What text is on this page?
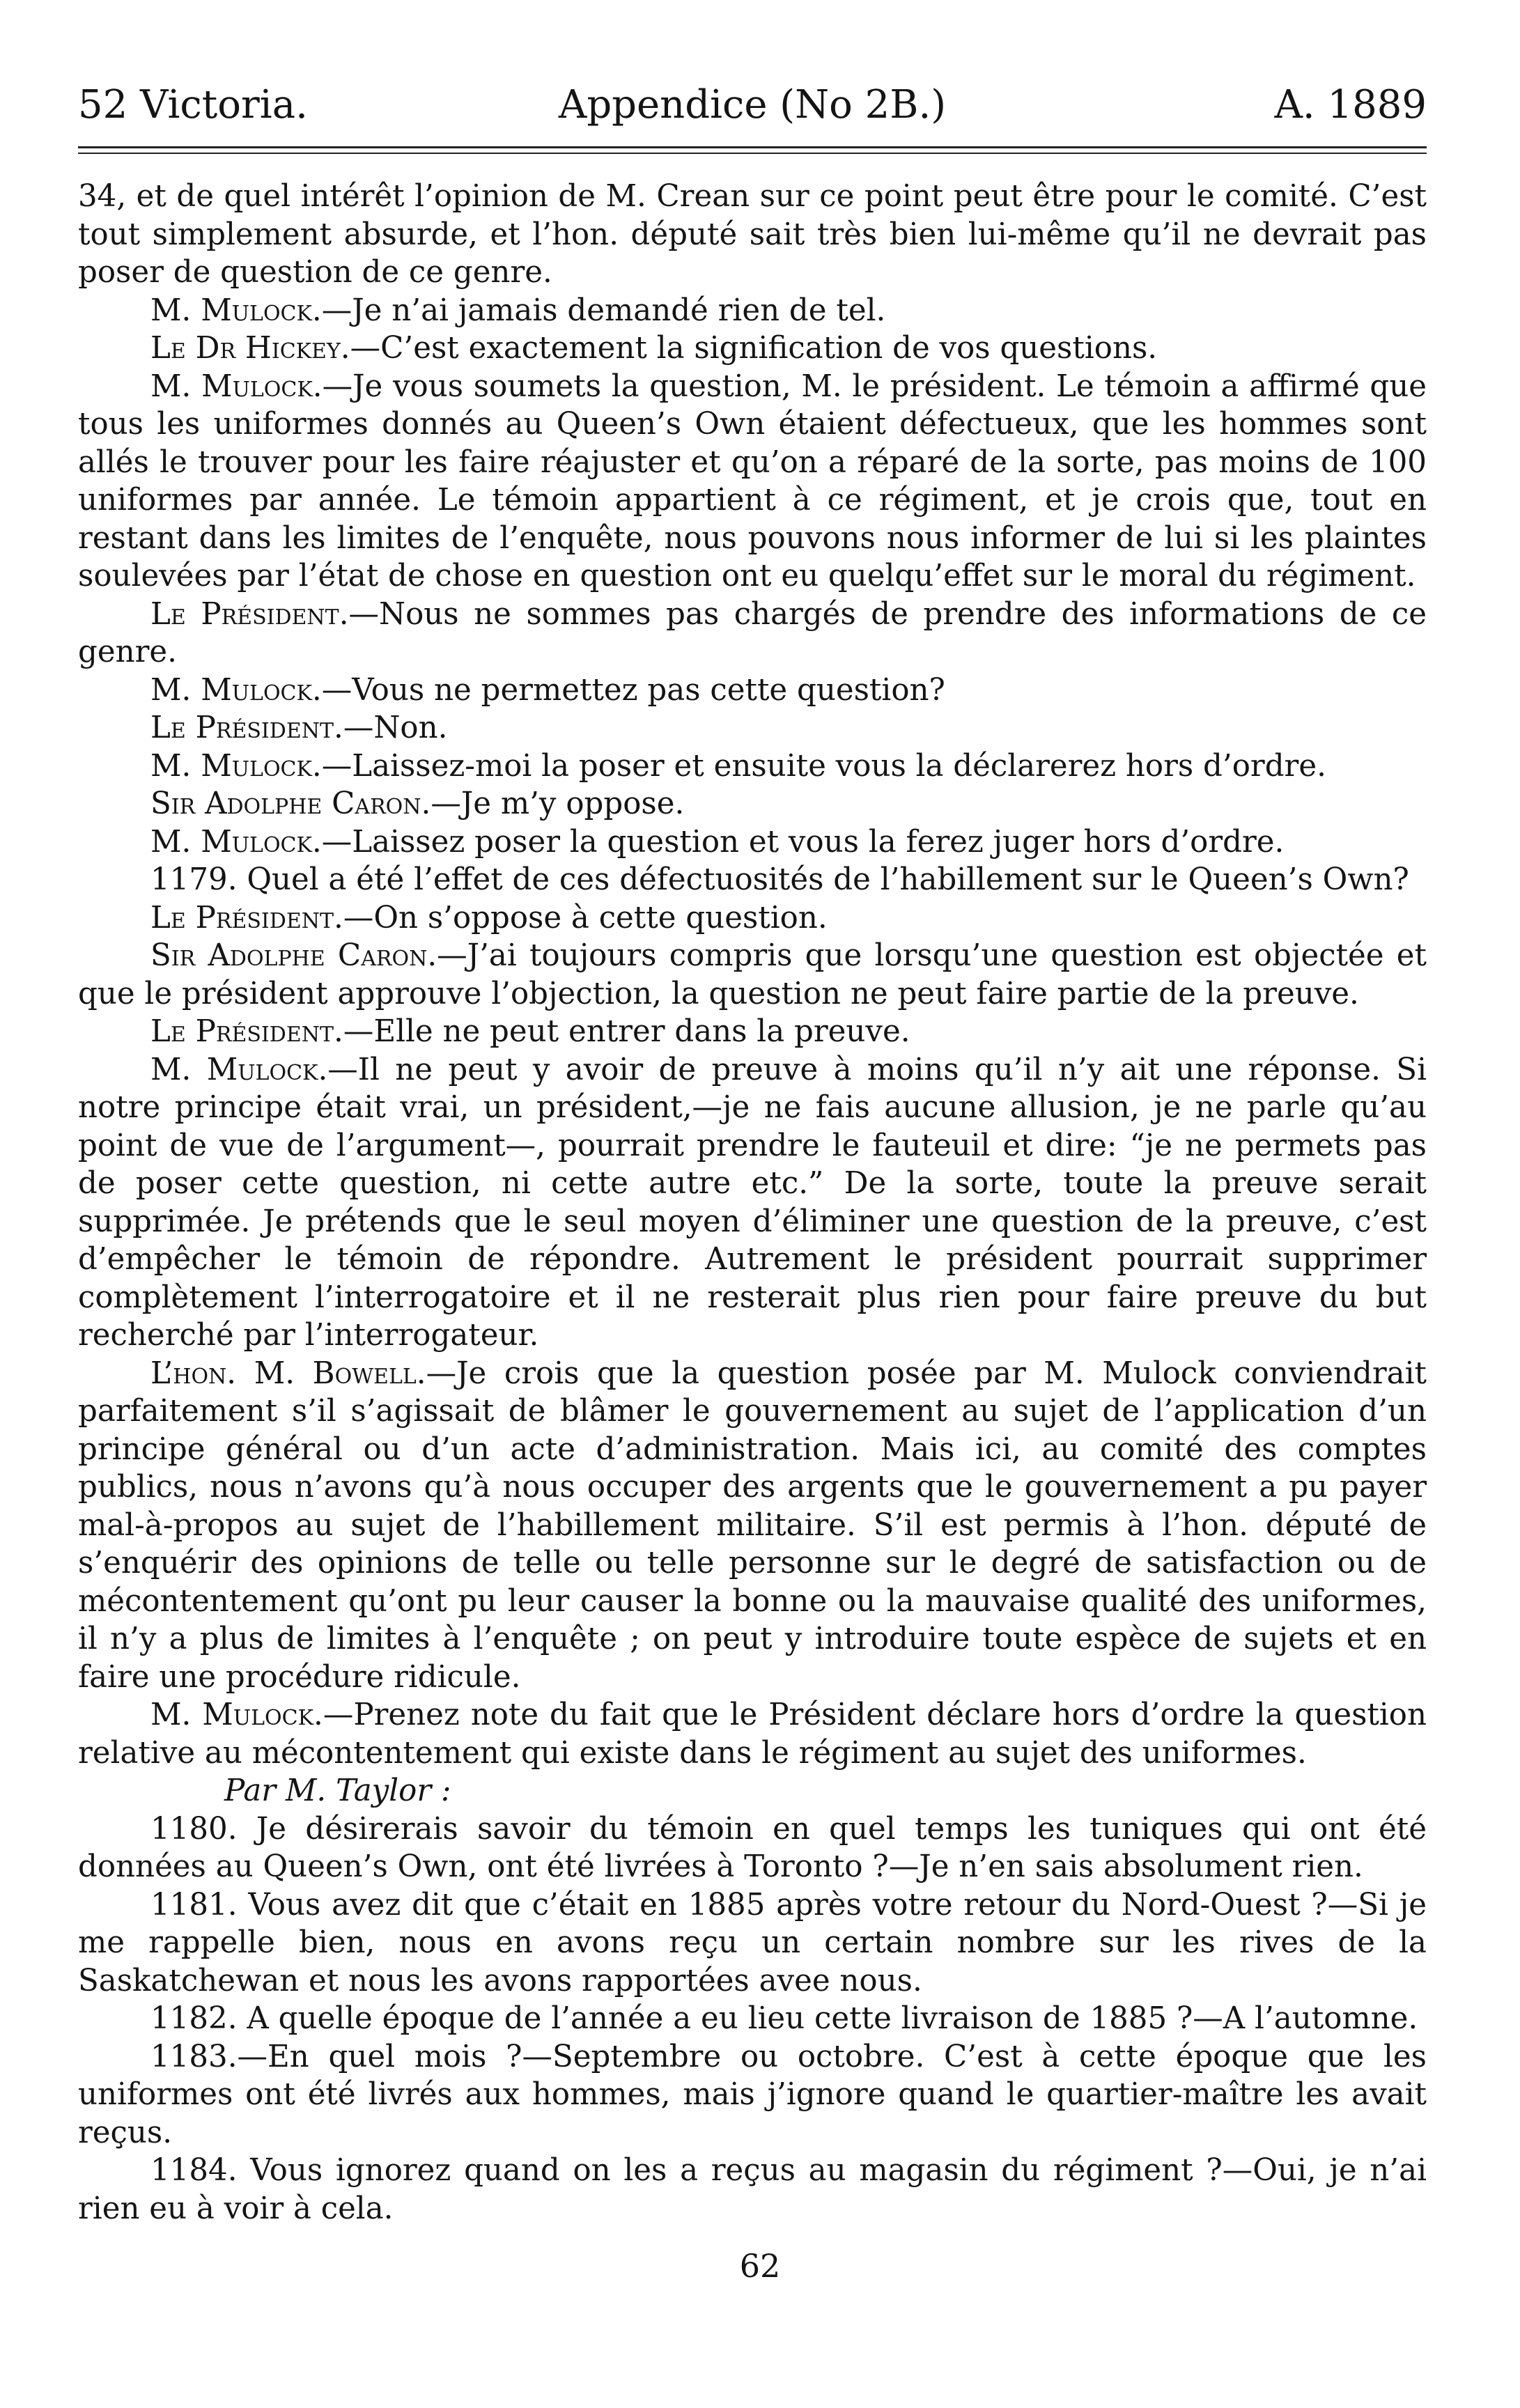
52 Victoria.	Appendice (No 2B.)	A. 1889

34, et de quel intérêt l’opinion de M. Crean sur ce point peut être pour le comité. C’est tout simplement absurde, et l’hon. député sait très bien lui-même qu’il ne devrait pas poser de question de ce genre.

M. Mulock.—Je n’ai jamais demandé rien de tel.

Le Dr Hickey.—C’est exactement la signification de vos questions.

M. Mulock.—Je vous soumets la question, M. le président. Le témoin a affirmé que tous les uniformes donnés au Queen’s Own étaient défectueux, que les hommes sont allés le trouver pour les faire réajuster et qu’on a réparé de la sorte, pas moins de 100 uniformes par année. Le témoin appartient à ce régiment, et je crois que, tout en restant dans les limites de l’enquête, nous pouvons nous informer de lui si les plaintes soulevées par l’état de chose en question ont eu quelqu’effet sur le moral du régiment.

Le Président.—Nous ne sommes pas chargés de prendre des informations de ce genre.

M. Mulock.—Vous ne permettez pas cette question?

Le Président.—Non.

M. Mulock.—Laissez-moi la poser et ensuite vous la déclarerez hors d’ordre.

Sir Adolphe Caron.—Je m’y oppose.

M. Mulock.—Laissez poser la question et vous la ferez juger hors d’ordre.

1179. Quel a été l’effet de ces défectuosités de l’habillement sur le Queen’s Own?

Le Président.—On s’oppose à cette question.

Sir Adolphe Caron.—J’ai toujours compris que lorsqu’une question est objectée et que le président approuve l’objection, la question ne peut faire partie de la preuve.

Le Président.—Elle ne peut entrer dans la preuve.

M. Mulock.—Il ne peut y avoir de preuve à moins qu’il n’y ait une réponse. Si notre principe était vrai, un président,—je ne fais aucune allusion, je ne parle qu’au point de vue de l’argument—, pourrait prendre le fauteuil et dire: “je ne permets pas de poser cette question, ni cette autre etc.” De la sorte, toute la preuve serait supprimée. Je prétends que le seul moyen d’éliminer une question de la preuve, c’est d’empêcher le témoin de répondre. Autrement le président pourrait supprimer complètement l’interrogatoire et il ne resterait plus rien pour faire preuve du but recherché par l’interrogateur.

L’hon. M. Bowell.—Je crois que la question posée par M. Mulock conviendrait parfaitement s’il s’agissait de blâmer le gouvernement au sujet de l’application d’un principe général ou d’un acte d’administration. Mais ici, au comité des comptes publics, nous n’avons qu’à nous occuper des argents que le gouvernement a pu payer mal-à-propos au sujet de l’habillement militaire. S’il est permis à l’hon. député de s’enquérir des opinions de telle ou telle personne sur le degré de satisfaction ou de mécontentement qu’ont pu leur causer la bonne ou la mauvaise qualité des uniformes, il n’y a plus de limites à l’enquête ; on peut y introduire toute espèce de sujets et en faire une procédure ridicule.

M. Mulock.—Prenez note du fait que le Président déclare hors d’ordre la question relative au mécontentement qui existe dans le régiment au sujet des uniformes.

Par M. Taylor :

1180. Je désirerais savoir du témoin en quel temps les tuniques qui ont été données au Queen’s Own, ont été livrées à Toronto ?—Je n’en sais absolument rien.

1181. Vous avez dit que c’était en 1885 après votre retour du Nord-Ouest ?—Si je me rappelle bien, nous en avons reçu un certain nombre sur les rives de la Saskatchewan et nous les avons rapportées avee nous.

1182. A quelle époque de l’année a eu lieu cette livraison de 1885 ?—A l’automne.

1183.—En quel mois ?—Septembre ou octobre. C’est à cette époque que les uniformes ont été livrés aux hommes, mais j’ignore quand le quartier-maître les avait reçus.

1184. Vous ignorez quand on les a reçus au magasin du régiment ?—Oui, je n’ai rien eu à voir à cela.

62
